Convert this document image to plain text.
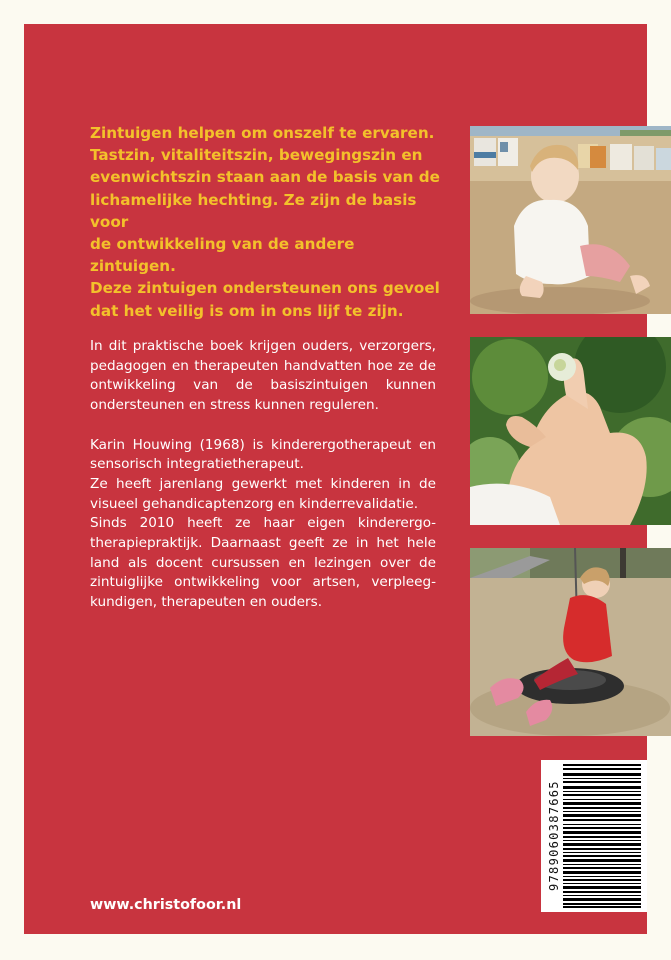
Zintuigen helpen om onszelf te ervaren.

Tastzin, vitaliteitszin, bewegingszin en

evenwichtszin staan aan de basis van de

lichamelijke hechting. Ze zijn de basis voor

de ontwikkeling van de andere zintuigen.

Deze zintuigen ondersteunen ons gevoel

dat het veilig is om in ons lijf te zijn.

In dit praktische boek krijgen ouders, verzorgers, pedagogen en therapeuten handvatten hoe ze de ontwikkeling van de basiszintuigen kunnen ondersteunen en stress kunnen reguleren.

Karin Houwing (1968) is kinderergotherapeut en sensorisch integratietherapeut.

Ze heeft jarenlang gewerkt met kinderen in de visueel gehandicaptenzorg en kinderrevalidatie.

Sinds 2010 heeft ze haar eigen kinderergotherapiepraktijk. Daarnaast geeft ze in het hele land als docent cursussen en lezingen over de zintuiglijke ontwikkeling voor artsen, verpleegkundigen, therapeuten en ouders.

9789060387665
www.christofoor.nl
